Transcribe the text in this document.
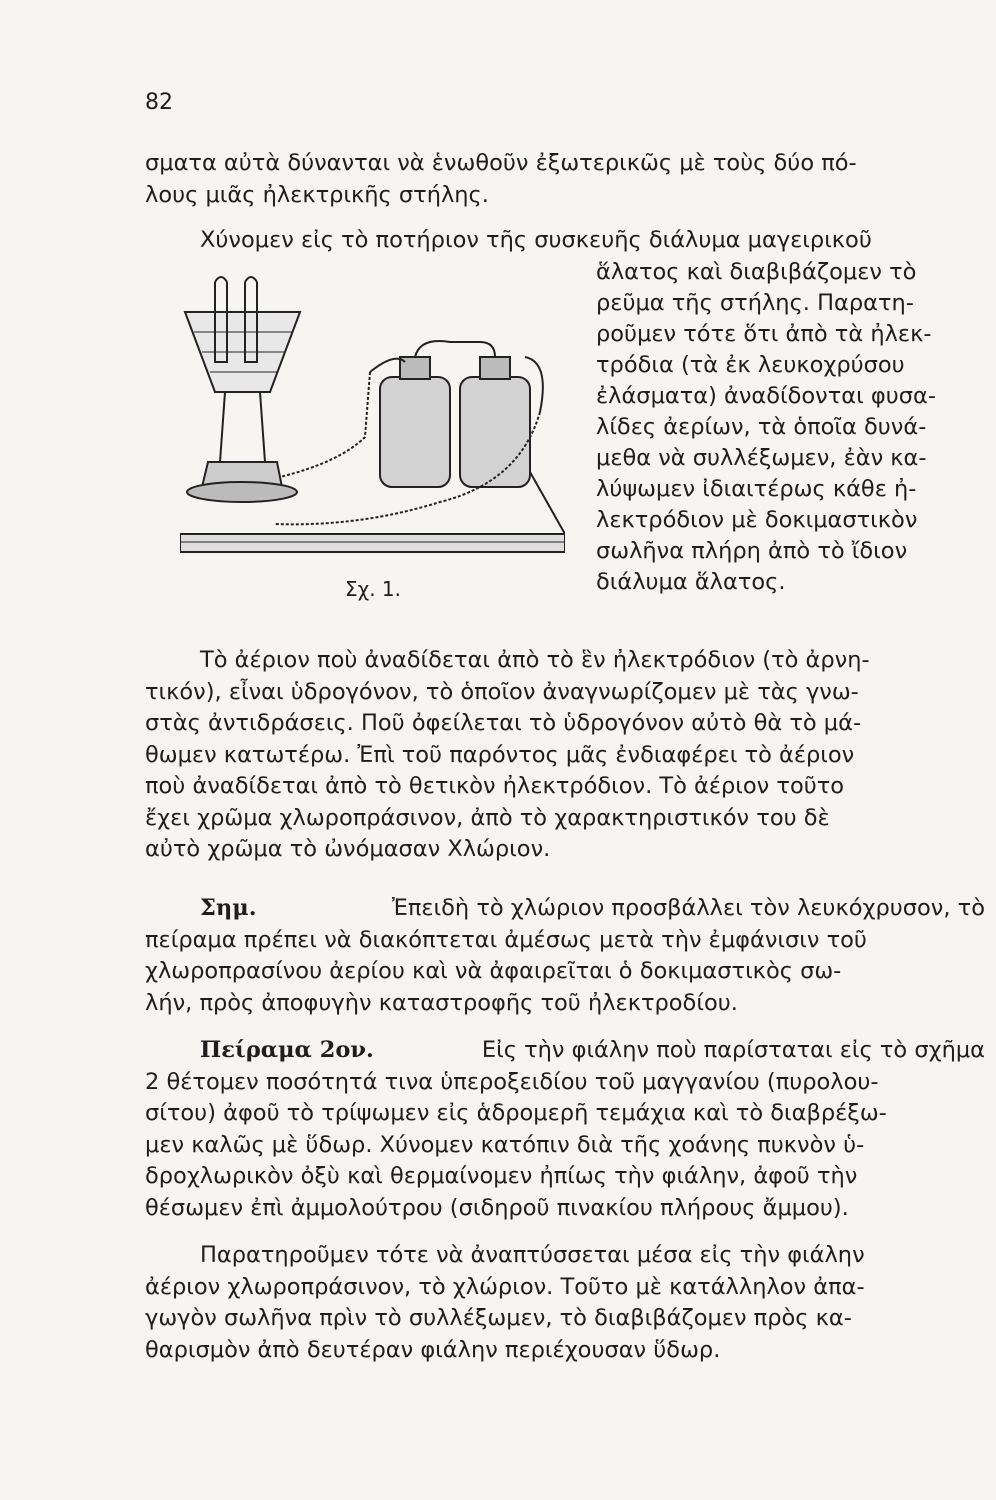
82
σματα αὐτὰ δύνανται νὰ ἑνωθοῦν ἐξωτερικῶς μὲ τοὺς δύο πό-
λους μιᾶς ἠλεκτρικῆς στήλης.
Χύνομεν εἰς τὸ ποτήριον τῆς συσκευῆς διάλυμα μαγειρικοῦ
ἅλατος καὶ διαβιβάζομεν τὸ
ρεῦμα τῆς στήλης. Παρατη-
ροῦμεν τότε ὅτι ἀπὸ τὰ ἠλεκ-
τρόδια (τὰ ἐκ λευκοχρύσου
ἐλάσματα) ἀναδίδονται φυσα-
λίδες ἀερίων, τὰ ὁποῖα δυνά-
μεθα νὰ συλλέξωμεν, ἐὰν κα-
λύψωμεν ἰδιαιτέρως κάθε ἠ-
λεκτρόδιον μὲ δοκιμαστικὸν
σωλῆνα πλήρη ἀπὸ τὸ ἴδιον
διάλυμα ἅλατος.
Τὸ ἀέριον ποὺ ἀναδίδεται ἀπὸ τὸ ἓν ἠλεκτρόδιον (τὸ ἀρνη-
τικόν), εἶναι ὑδρογόνον, τὸ ὁποῖον ἀναγνωρίζομεν μὲ τὰς γνω-
στὰς ἀντιδράσεις. Ποῦ ὀφείλεται τὸ ὑδρογόνον αὐτὸ θὰ τὸ μά-
θωμεν κατωτέρω. Ἐπὶ τοῦ παρόντος μᾶς ἐνδιαφέρει τὸ ἀέριον
ποὺ ἀναδίδεται ἀπὸ τὸ θετικὸν ἠλεκτρόδιον. Τὸ ἀέριον τοῦτο
ἔχει χρῶμα χλωροπράσινον, ἀπὸ τὸ χαρακτηριστικόν του δὲ
αὐτὸ χρῶμα τὸ ὠνόμασαν Χλώριον.
Σημ.	Ἐπειδὴ τὸ χλώριον προσβάλλει τὸν λευκόχρυσον, τὸ
πείραμα πρέπει νὰ διακόπτεται ἀμέσως μετὰ τὴν ἐμφάνισιν τοῦ
χλωροπρασίνου ἀερίου καὶ νὰ ἀφαιρεῖται ὁ δοκιμαστικὸς σω-
λήν, πρὸς ἀποφυγὴν καταστροφῆς τοῦ ἠλεκτροδίου.
Πείραμα 2ον.	Εἰς τὴν φιάλην ποὺ παρίσταται εἰς τὸ σχῆμα
2 θέτομεν ποσότητά τινα ὑπεροξειδίου τοῦ μαγγανίου (πυρολου-
σίτου) ἀφοῦ τὸ τρίψωμεν εἰς ἁδρομερῆ τεμάχια καὶ τὸ διαβρέξω-
μεν καλῶς μὲ ὕδωρ. Χύνομεν κατόπιν διὰ τῆς χοάνης πυκνὸν ὑ-
δροχλωρικὸν ὀξὺ καὶ θερμαίνομεν ἠπίως τὴν φιάλην, ἀφοῦ τὴν
θέσωμεν ἐπὶ ἀμμολούτρου (σιδηροῦ πινακίου πλήρους ἄμμου).
Παρατηροῦμεν τότε νὰ ἀναπτύσσεται μέσα εἰς τὴν φιάλην
ἀέριον χλωροπράσινον, τὸ χλώριον. Τοῦτο μὲ κατάλληλον ἀπα-
γωγὸν σωλῆνα πρὶν τὸ συλλέξωμεν, τὸ διαβιβάζομεν πρὸς κα-
θαρισμὸν ἀπὸ δευτέραν φιάλην περιέχουσαν ὕδωρ.
Σχ. 1.
